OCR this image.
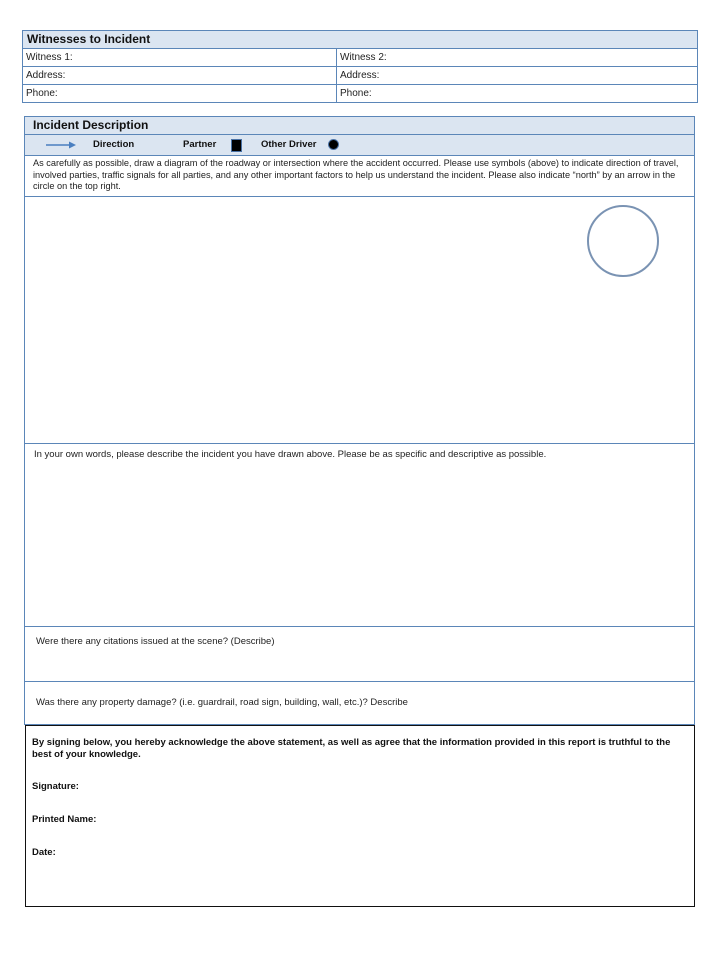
Witnesses to Incident
Witness 1:	Witness 2:
Address:	Address:
Phone:	Phone:
Incident Description
Direction	Partner	Other Driver
As carefully as possible, draw a diagram of the roadway or intersection where the accident occurred. Please use symbols (above) to indicate direction of travel, involved parties, traffic signals for all parties, and any other important factors to help us understand the incident. Please also indicate “north” by an arrow in the circle on the top right.
In your own words, please describe the incident you have drawn above. Please be as specific and descriptive as possible.
Were there any citations issued at the scene? (Describe)
Was there any property damage? (i.e. guardrail, road sign, building, wall, etc.)? Describe
By signing below, you hereby acknowledge the above statement, as well as agree that the information provided in this report is truthful to the best of your knowledge.
Signature:
Printed Name:
Date:
